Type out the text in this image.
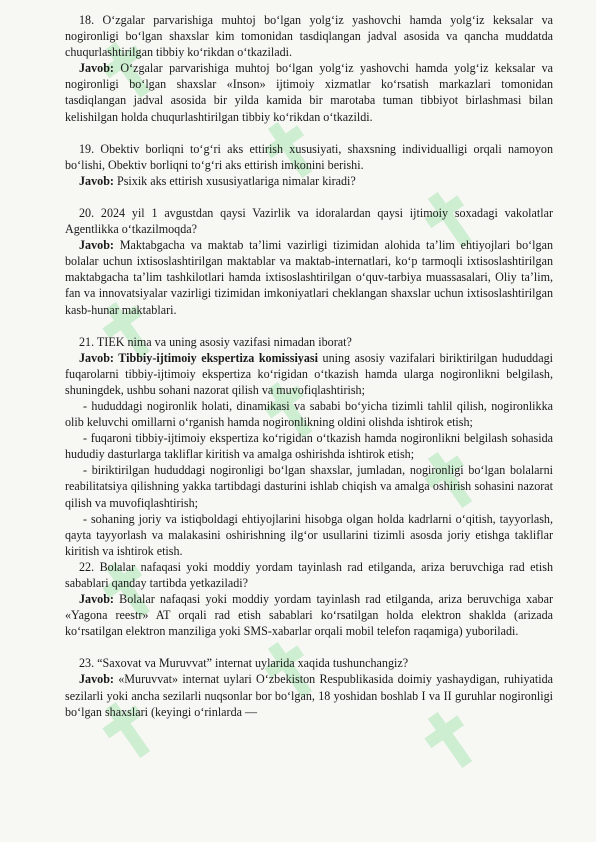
18. O‘zgalar parvarishiga muhtoj bo‘lgan yolg‘iz yashovchi hamda yolg‘iz keksalar va nogironligi bo‘lgan shaxslar kim tomonidan tasdiqlangan jadval asosida va qancha muddatda chuqurlashtirilgan tibbiy ko‘rikdan o‘tkaziladi.

Javob: O‘zgalar parvarishiga muhtoj bo‘lgan yolg‘iz yashovchi hamda yolg‘iz keksalar va nogironligi bo‘lgan shaxslar «Inson» ijtimoiy xizmatlar ko‘rsatish markazlari tomonidan tasdiqlangan jadval asosida bir yilda kamida bir marotaba tuman tibbiyot birlashmasi bilan kelishilgan holda chuqurlashtirilgan tibbiy ko‘rikdan o‘tkazildi.

19. Obektiv borliqni to‘g‘ri aks ettirish xususiyati, shaxsning individualligi orqali namoyon bo‘lishi, Obektiv borliqni to‘g‘ri aks ettirish imkonini berishi.

Javob: Psixik aks ettirish xususiyatlariga nimalar kiradi?

20. 2024 yil 1 avgustdan qaysi Vazirlik va idoralardan qaysi ijtimoiy soxadagi vakolatlar Agentlikka o‘tkazilmoqda?

Javob: Maktabgacha va maktab ta’limi vazirligi tizimidan alohida ta’lim ehtiyojlari bo‘lgan bolalar uchun ixtisoslashtirilgan maktablar va maktab-internatlari, ko‘p tarmoqli ixtisoslashtirilgan maktabgacha ta’lim tashkilotlari hamda ixtisoslashtirilgan o‘quv-tarbiya muassasalari, Oliy ta’lim, fan va innovatsiyalar vazirligi tizimidan imkoniyatlari cheklangan shaxslar uchun ixtisoslashtirilgan kasb-hunar maktablari.

21. TIEK nima va uning asosiy vazifasi nimadan iborat?

Javob: Tibbiy-ijtimoiy ekspertiza komissiyasi uning asosiy vazifalari biriktirilgan hududdagi fuqarolarni tibbiy-ijtimoiy ekspertiza ko‘rigidan o‘tkazish hamda ularga nogironlikni belgilash, shuningdek, ushbu sohani nazorat qilish va muvofiqlashtirish;

- hududdagi nogironlik holati, dinamikasi va sababi bo‘yicha tizimli tahlil qilish, nogironlikka olib keluvchi omillarni o‘rganish hamda nogironlikning oldini olishda ishtirok etish;

- fuqaroni tibbiy-ijtimoiy ekspertiza ko‘rigidan o‘tkazish hamda nogironlikni belgilash sohasida hududiy dasturlarga takliflar kiritish va amalga oshirishda ishtirok etish;

- biriktirilgan hududdagi nogironligi bo‘lgan shaxslar, jumladan, nogironligi bo‘lgan bolalarni reabilitatsiya qilishning yakka tartibdagi dasturini ishlab chiqish va amalga oshirish sohasini nazorat qilish va muvofiqlashtirish;

- sohaning joriy va istiqboldagi ehtiyojlarini hisobga olgan holda kadrlarni o‘qitish, tayyorlash, qayta tayyorlash va malakasini oshirishning ilg‘or usullarini tizimli asosda joriy etishga takliflar kiritish va ishtirok etish.

22. Bolalar nafaqasi yoki moddiy yordam tayinlash rad etilganda, ariza beruvchiga rad etish sabablari qanday tartibda yetkaziladi?

Javob: Bolalar nafaqasi yoki moddiy yordam tayinlash rad etilganda, ariza beruvchiga xabar «Yagona reestr» AT orqali rad etish sabablari ko‘rsatilgan holda elektron shaklda (arizada ko‘rsatilgan elektron manziliga yoki SMS-xabarlar orqali mobil telefon raqamiga) yuboriladi.

23. “Saxovat va Muruvvat” internat uylarida xaqida tushunchangiz?

Javob: «Muruvvat» internat uylari O‘zbekiston Respublikasida doimiy yashaydigan, ruhiyatida sezilarli yoki ancha sezilarli nuqsonlar bor bo‘lgan, 18 yoshidan boshlab I va II guruhlar nogironligi bo‘lgan shaxslari (keyingi o‘rinlarda —
